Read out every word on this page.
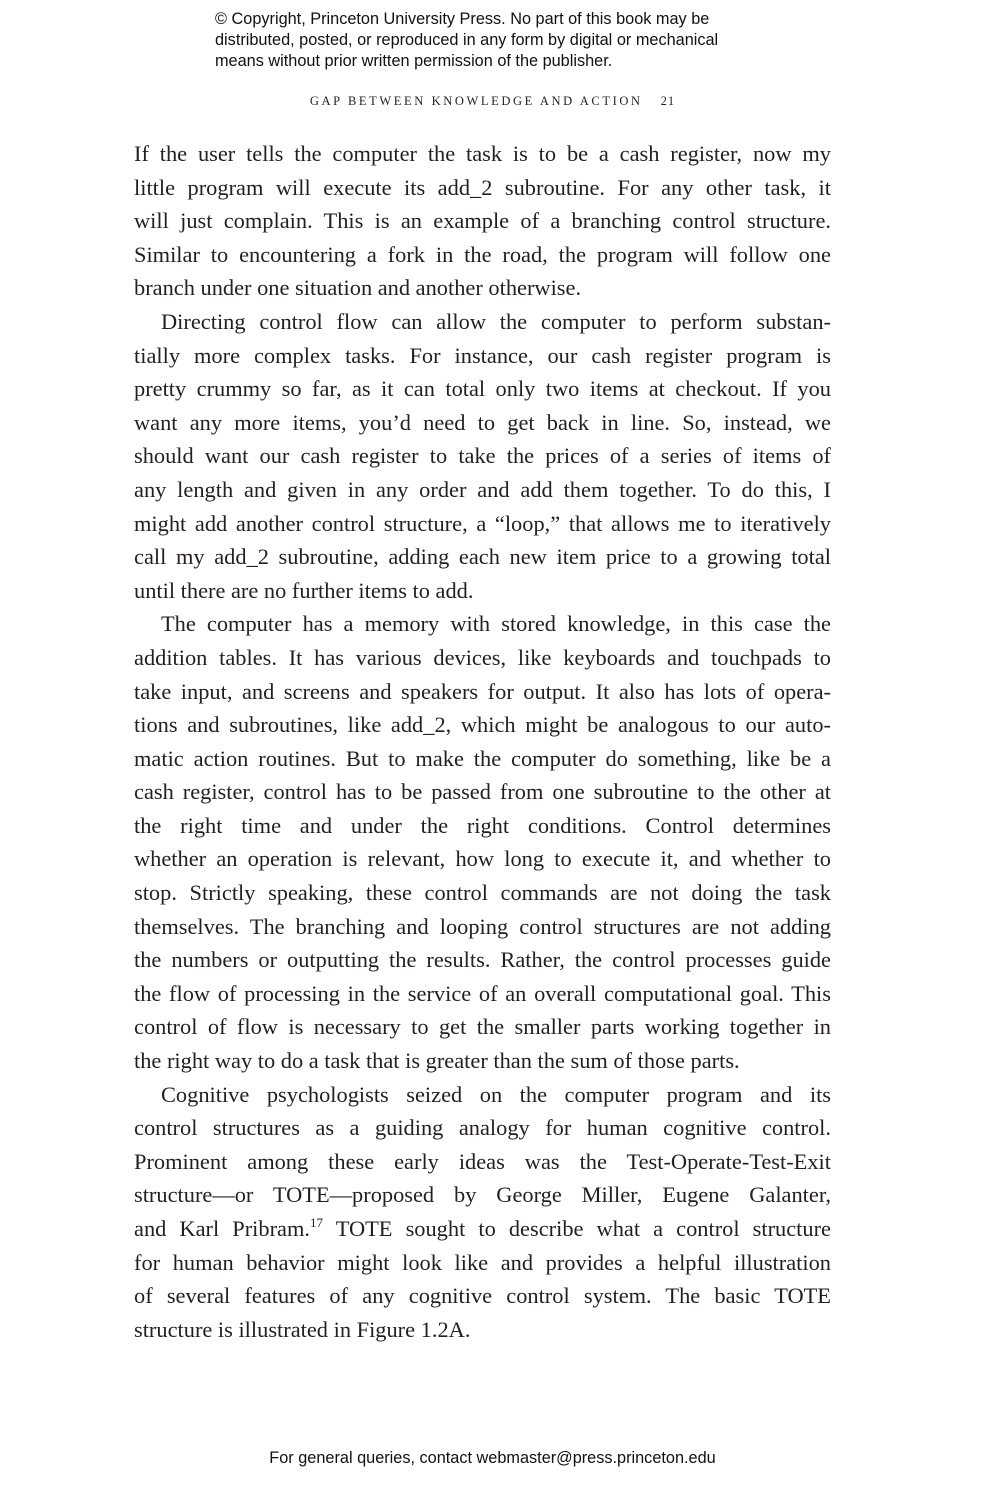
© Copyright, Princeton University Press. No part of this book may be
distributed, posted, or reproduced in any form by digital or mechanical
means without prior written permission of the publisher.
GAP BETWEEN KNOWLEDGE AND ACTION 21
If the user tells the computer the task is to be a cash register, now my
little program will execute its add_2 subroutine. For any other task, it
will just complain. This is an example of a branching control structure.
Similar to encountering a fork in the road, the program will follow one
branch under one situation and another otherwise.
Directing control flow can allow the computer to perform substan-
tially more complex tasks. For instance, our cash register program is
pretty crummy so far, as it can total only two items at checkout. If you
want any more items, you’d need to get back in line. So, instead, we
should want our cash register to take the prices of a series of items of
any length and given in any order and add them together. To do this, I
might add another control structure, a “loop,” that allows me to iteratively
call my add_2 subroutine, adding each new item price to a growing total
until there are no further items to add.
The computer has a memory with stored knowledge, in this case the
addition tables. It has various devices, like keyboards and touchpads to
take input, and screens and speakers for output. It also has lots of opera-
tions and subroutines, like add_2, which might be analogous to our auto-
matic action routines. But to make the computer do something, like be a
cash register, control has to be passed from one subroutine to the other at
the right time and under the right conditions. Control determines
whether an operation is relevant, how long to execute it, and whether to
stop. Strictly speaking, these control commands are not doing the task
themselves. The branching and looping control structures are not adding
the numbers or outputting the results. Rather, the control processes guide
the flow of processing in the service of an overall computational goal. This
control of flow is necessary to get the smaller parts working together in
the right way to do a task that is greater than the sum of those parts.
Cognitive psychologists seized on the computer program and its
control structures as a guiding analogy for human cognitive control.
Prominent among these early ideas was the Test-Operate-Test-Exit
structure—or TOTE—proposed by George Miller, Eugene Galanter,
and Karl Pribram.$^{17}$ TOTE sought to describe what a control structure
for human behavior might look like and provides a helpful illustration
of several features of any cognitive control system. The basic TOTE
structure is illustrated in Figure 1.2A.
For general queries, contact webmaster@press.princeton.edu
